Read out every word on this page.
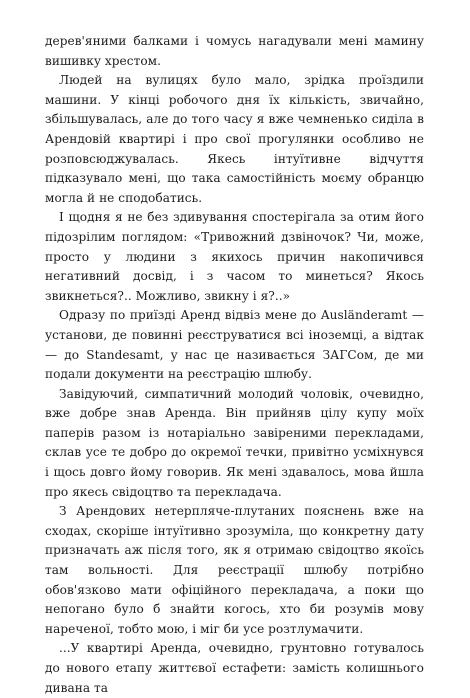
дерев'яними балками і чомусь нагадували мені мамину вишивку хрестом.

Людей на вулицях було мало, зрідка проїздили машини. У кінці робочого дня їх кількість, звичайно, збільшувалась, але до того часу я вже чемненько сиділа в Арендовій квартирі і про свої прогулянки особливо не розповсюджувалась. Якесь інтуїтивне відчуття підказувало мені, що така самостійність моєму обранцю могла й не сподобатись.

І щодня я не без здивування спостерігала за отим його підозрілим поглядом: «Тривожний дзвіночок? Чи, може, просто у людини з якихось причин накопичився негативний досвід, і з часом то минеться? Якось звикнеться?.. Можливо, звикну і я?..»

Одразу по приїзді Аренд відвіз мене до Ausländeramt — установи, де повинні реєструватися всі іноземці, а відтак — до Standesamt, у нас це називається ЗАГСом, де ми подали документи на реєстрацію шлюбу.

Завідуючий, симпатичний молодий чоловік, очевидно, вже добре знав Аренда. Він прийняв цілу купу моїх паперів разом із нотаріально завіреними перекладами, склав усе те добро до окремої течки, привітно усміхнувся і щось довго йому говорив. Як мені здавалось, мова йшла про якесь свідоцтво та перекладача.

З Арендових нетерпляче-плутаних пояснень вже на сходах, скоріше інтуїтивно зрозуміла, що конкретну дату призначать аж після того, як я отримаю свідоцтво якоїсь там вольності. Для реєстрації шлюбу потрібно обов'язково мати офіційного перекладача, а поки що непогано було б знайти когось, хто би розумів мову нареченої, тобто мою, і міг би усе розтлумачити.

...У квартирі Аренда, очевидно, грунтовно готувалось до нового етапу життєвої естафети: замість колишнього дивана та
